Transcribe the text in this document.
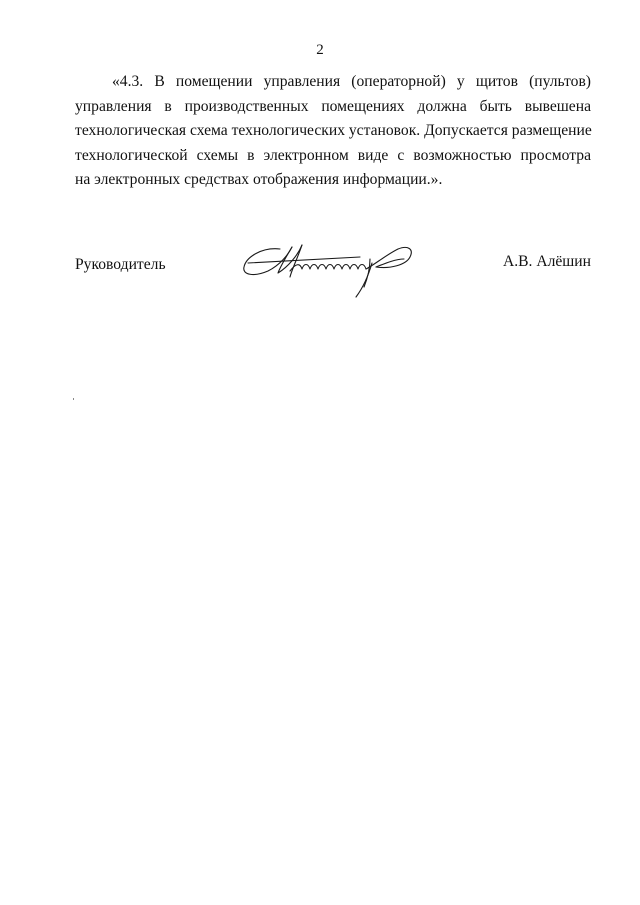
2
«4.3. В помещении управления (операторной) у щитов (пультов)
управления в производственных помещениях должна быть вывешена
технологическая схема технологических установок. Допускается размещение
технологической схемы в электронном виде с возможностью просмотра
на электронных средствах отображения информации.».
Руководитель	А.В. Алёшин
